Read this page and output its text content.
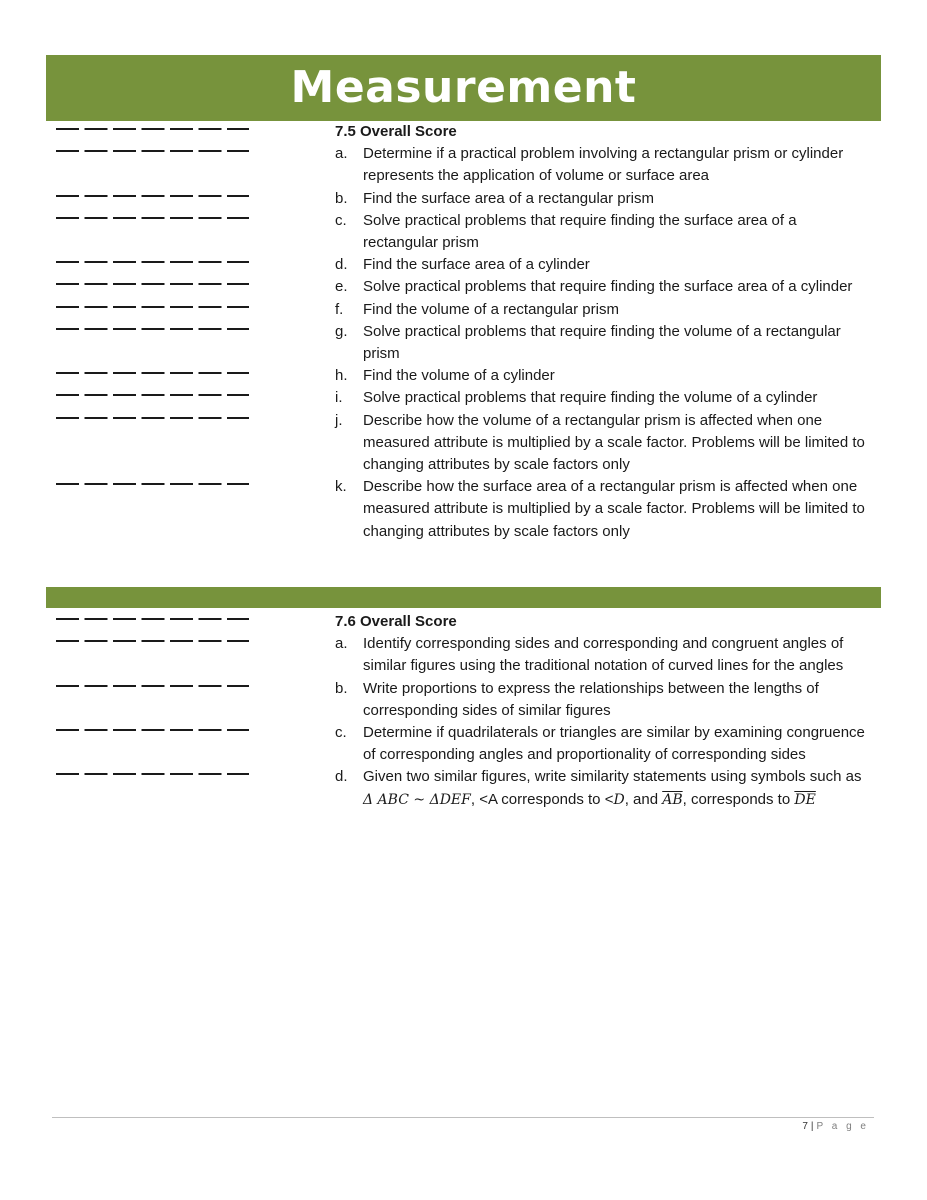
Measurement
7.5 Overall Score
a. Determine if a practical problem involving a rectangular prism or cylinder represents the application of volume or surface area
b. Find the surface area of a rectangular prism
c. Solve practical problems that require finding the surface area of a rectangular prism
d. Find the surface area of a cylinder
e. Solve practical problems that require finding the surface area of a cylinder
f. Find the volume of a rectangular prism
g. Solve practical problems that require finding the volume of a rectangular prism
h. Find the volume of a cylinder
i. Solve practical problems that require finding the volume of a cylinder
j. Describe how the volume of a rectangular prism is affected when one measured attribute is multiplied by a scale factor. Problems will be limited to changing attributes by scale factors only
k. Describe how the surface area of a rectangular prism is affected when one measured attribute is multiplied by a scale factor. Problems will be limited to changing attributes by scale factors only
7.6 Overall Score
a. Identify corresponding sides and corresponding and congruent angles of similar figures using the traditional notation of curved lines for the angles
b. Write proportions to express the relationships between the lengths of corresponding sides of similar figures
c. Determine if quadrilaterals or triangles are similar by examining congruence of corresponding angles and proportionality of corresponding sides
d. Given two similar figures, write similarity statements using symbols such as Δ ABC ~ ΔDEF, <A corresponds to <D, and $\overline{AB}$, corresponds to $\overline{DE}$
7 | P a g e
